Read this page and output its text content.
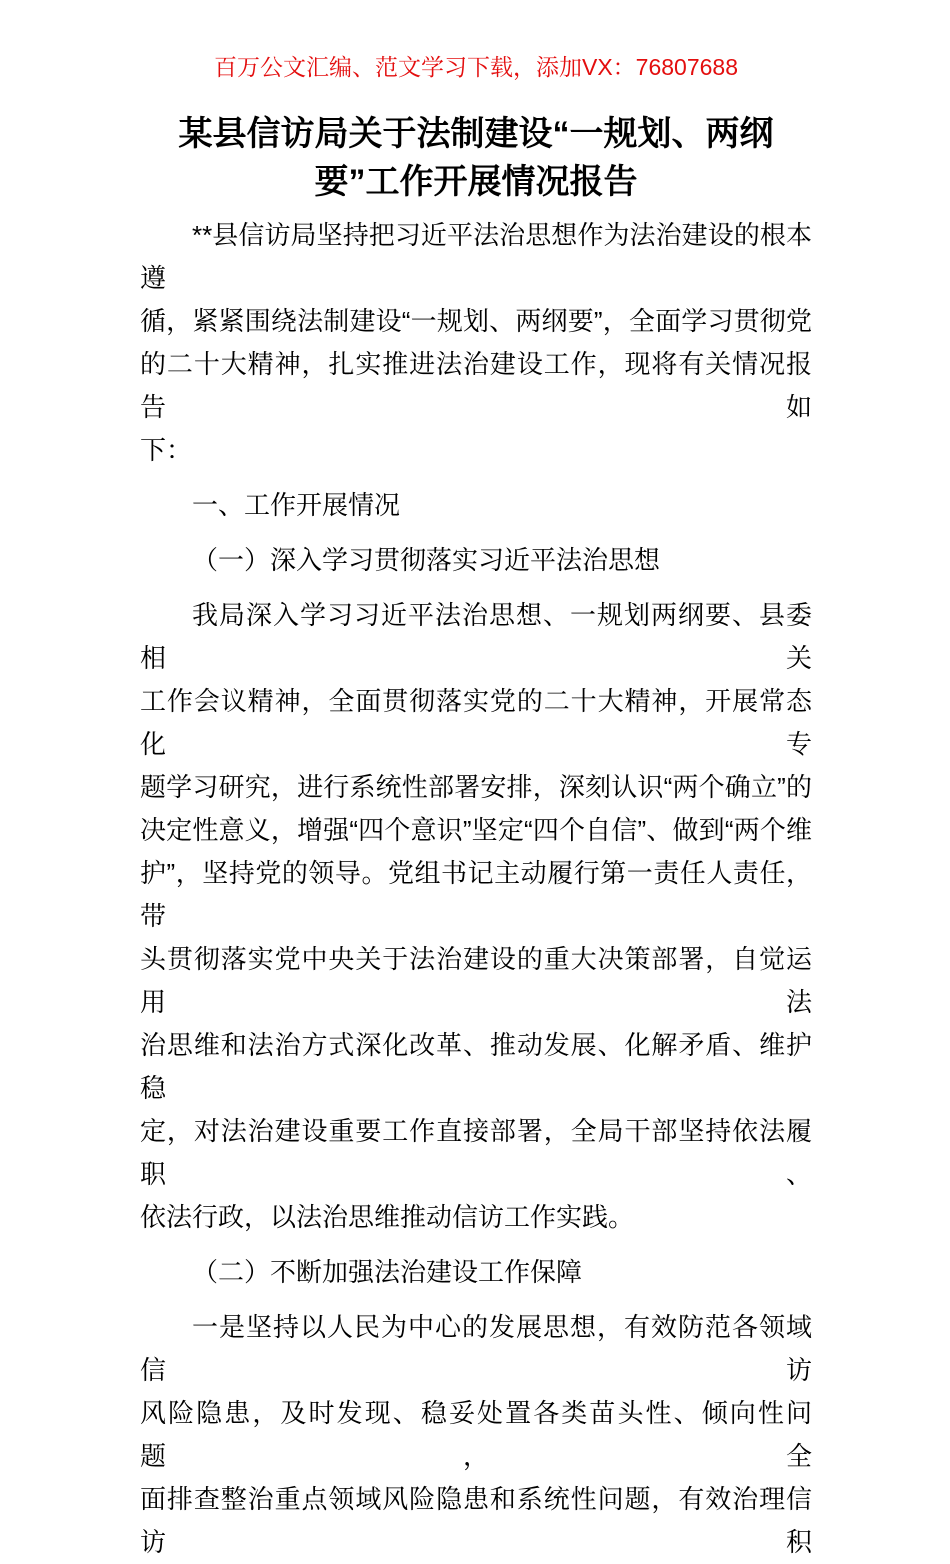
百万公文汇编、范文学习下载，添加VX：76807688
某县信访局关于法制建设“一规划、两纲
要”工作开展情况报告
**县信访局坚持把习近平法治思想作为法治建设的根本遵
循，紧紧围绕法制建设“一规划、两纲要”，全面学习贯彻党
的二十大精神，扎实推进法治建设工作，现将有关情况报告如
下：
一、工作开展情况
（一）深入学习贯彻落实习近平法治思想
我局深入学习习近平法治思想、一规划两纲要、县委相关
工作会议精神，全面贯彻落实党的二十大精神，开展常态化专
题学习研究，进行系统性部署安排，深刻认识“两个确立”的
决定性意义，增强“四个意识”坚定“四个自信”、做到“两个维
护”，坚持党的领导。党组书记主动履行第一责任人责任，带
头贯彻落实党中央关于法治建设的重大决策部署，自觉运用法
治思维和法治方式深化改革、推动发展、化解矛盾、维护稳
定，对法治建设重要工作直接部署，全局干部坚持依法履职、
依法行政，以法治思维推动信访工作实践。
（二）不断加强法治建设工作保障
一是坚持以人民为中心的发展思想，有效防范各领域信访
风险隐患，及时发现、稳妥处置各类苗头性、倾向性问题，全
面排查整治重点领域风险隐患和系统性问题，有效治理信访积
